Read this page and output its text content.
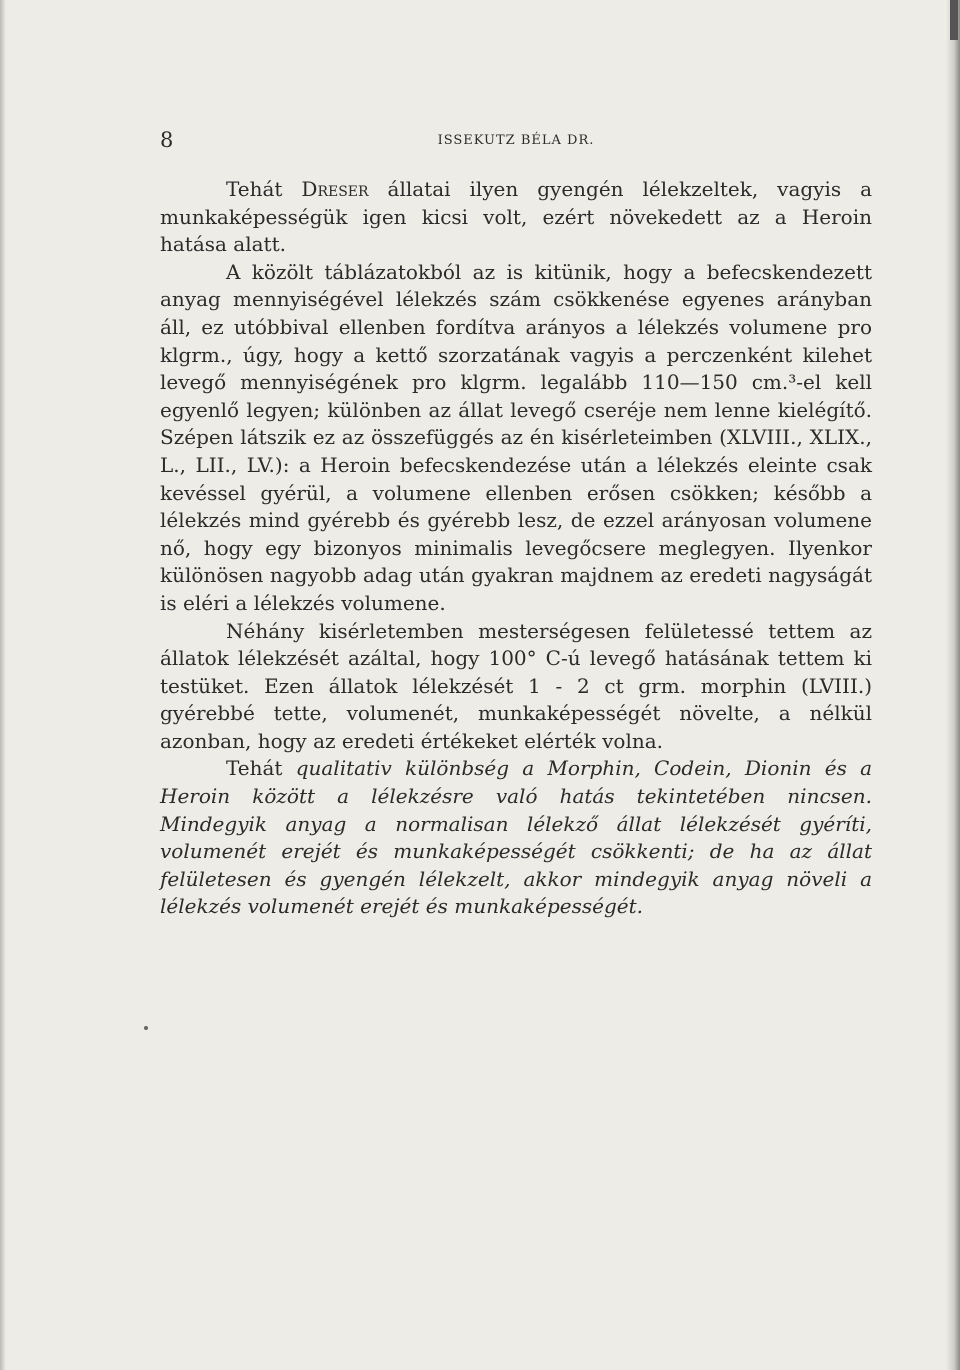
8	ISSEKUTZ BÉLA DR.

Tehát Dreser állatai ilyen gyengén lélekzeltek, vagyis a munkaképességük igen kicsi volt, ezért növekedett az a Heroin hatása alatt.

A közölt táblázatokból az is kitünik, hogy a befecskendezett anyag mennyiségével lélekzés szám csökkenése egyenes arányban áll, ez utóbbival ellenben fordítva arányos a lélekzés volumene pro klgrm., úgy, hogy a kettő szorzatának vagyis a perczenként kilehet levegő mennyiségének pro klgrm. legalább 110—150 cm.³-el kell egyenlő legyen; különben az állat levegő cseréje nem lenne kielégítő. Szépen látszik ez az összefüggés az én kisérleteimben (XLVIII., XLIX., L., LII., LV.): a Heroin befecskendezése után a lélekzés eleinte csak kevéssel gyérül, a volumene ellenben erősen csökken; később a lélekzés mind gyérebb és gyérebb lesz, de ezzel arányosan volumene nő, hogy egy bizonyos minimalis levegőcsere meglegyen. Ilyenkor különösen nagyobb adag után gyakran majdnem az eredeti nagyságát is eléri a lélekzés volumene.

Néhány kisérletemben mesterségesen felületessé tettem az állatok lélekzését azáltal, hogy 100° C-ú levegő hatásának tettem ki testüket. Ezen állatok lélekzését 1 - 2 ct grm. morphin (LVIII.) gyérebbé tette, volumenét, munkaképességét növelte, a nélkül azonban, hogy az eredeti értékeket elérték volna.

Tehát qualitativ különbség a Morphin, Codein, Dionin és a Heroin között a lélekzésre való hatás tekintetében nincsen. Mindegyik anyag a normalisan lélekző állat lélekzését gyéríti, volumenét erejét és munkaképességét csökkenti; de ha az állat felületesen és gyengén lélekzelt, akkor mindegyik anyag növeli a lélekzés volumenét erejét és munkaképességét.
